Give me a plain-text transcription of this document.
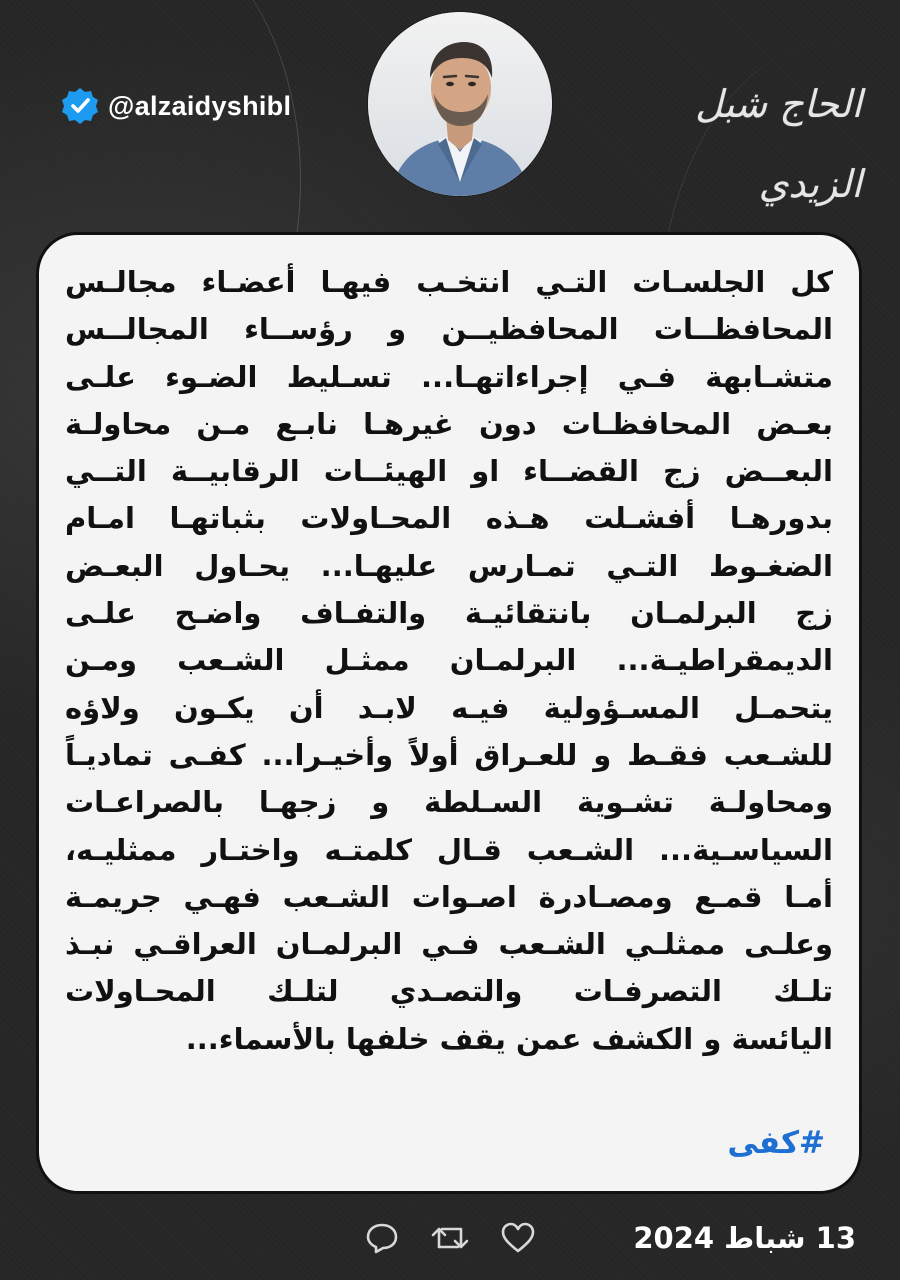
@alzaidyshibl	الحاج شبل الزيدي
كل الجلسـات التـي انتخـب فيهـا أعضـاء مجالـس
المحافظــات المحافظيــن و رؤســاء المجالــس
متشـابهة فـي إجراءاتهـا... تسـليط الضـوء علـى
بعـض المحافظـات دون غيرهـا نابـع مـن محاولـة
البعــض زج القضــاء او الهيئــات الرقابيــة التــي
بدورهـا أفشـلت هـذه المحـاولات بثباتهـا امـام
الضغـوط التـي تمـارس عليهـا... يحـاول البعـض
زج البرلمـان بانتقائيـة والتفـاف واضـح علـى
الديمقراطيـة... البرلمـان ممثـل الشـعب ومـن
يتحمـل المسـؤولية فيـه لابـد أن يكـون ولاؤه
للشـعب فقـط و للعـراق أولاً وأخيـرا... كفـى تماديـاً
ومحاولـة تشـوية السـلطة و زجهـا بالصراعـات
السياسـية... الشـعب قـال كلمتـه واختـار ممثليـه،
أمـا قمـع ومصـادرة اصـوات الشـعب فهـي جريمـة
وعلـى ممثلـي الشـعب فـي البرلمـان العراقـي نبـذ
تلـك التصرفـات والتصـدي لتلـك المحـاولات
اليائسة و الكشف عمن يقف خلفها بالأسماء...
#كفى
13 شباط 2024
